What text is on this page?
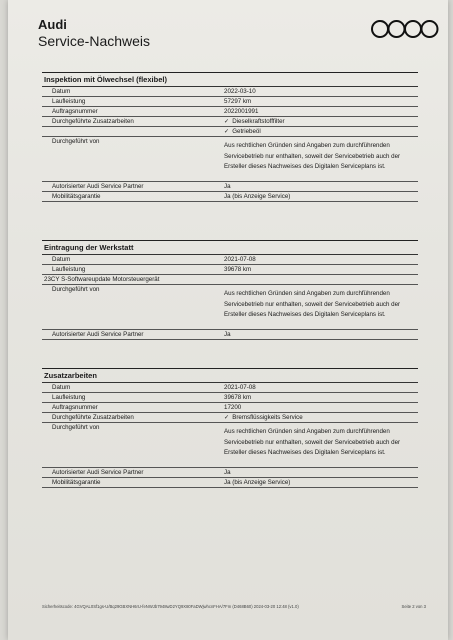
Audi
Service-Nachweis
Inspektion mit Ölwechsel (flexibel)
Datum	2022-03-10
Laufleistung	57297 km
Auftragsnummer	2022001991
Durchgeführte Zusatzarbeiten	✓ Dieselkraftstofffilter
✓ Getriebeöl
Durchgeführt von
Aus rechtlichen Gründen sind Angaben zum durchführenden Servicebetrieb nur enthalten, soweit der Servicebetrieb auch der Ersteller dieses Nachweises des Digitalen Serviceplans ist.
Autorisierter Audi Service Partner	Ja
Mobilitätsgarantie	Ja (bis Anzeige Service)
Eintragung der Werkstatt
Datum	2021-07-08
Laufleistung	39678 km
23CY S-Softwareupdate Motorsteuergerät
Durchgeführt von
Aus rechtlichen Gründen sind Angaben zum durchführenden Servicebetrieb nur enthalten, soweit der Servicebetrieb auch der Ersteller dieses Nachweises des Digitalen Serviceplans ist.
Autorisierter Audi Service Partner	Ja
Zusatzarbeiten
Datum	2021-07-08
Laufleistung	39678 km
Auftragsnummer	17200
Durchgeführte Zusatzarbeiten	✓ Bremsflüssigkeits Service
Durchgeführt von
Aus rechtlichen Gründen sind Angaben zum durchführenden Servicebetrieb nur enthalten, soweit der Servicebetrieb auch der Ersteller dieses Nachweises des Digitalen Serviceplans ist.
Autorisierter Audi Service Partner	Ja
Mobilitätsgarantie	Ja (bis Anzeige Service)
Sicherheitscode: 4GVQAL0Sf1gs-U/Bq29GBXNH6rU-feNWJb7948wD2YQ9X80FaDWjwhcnFHA/7Fm (D468B60) 2024-03-20 12:48 (v1.0)	Seite 2 von 3
